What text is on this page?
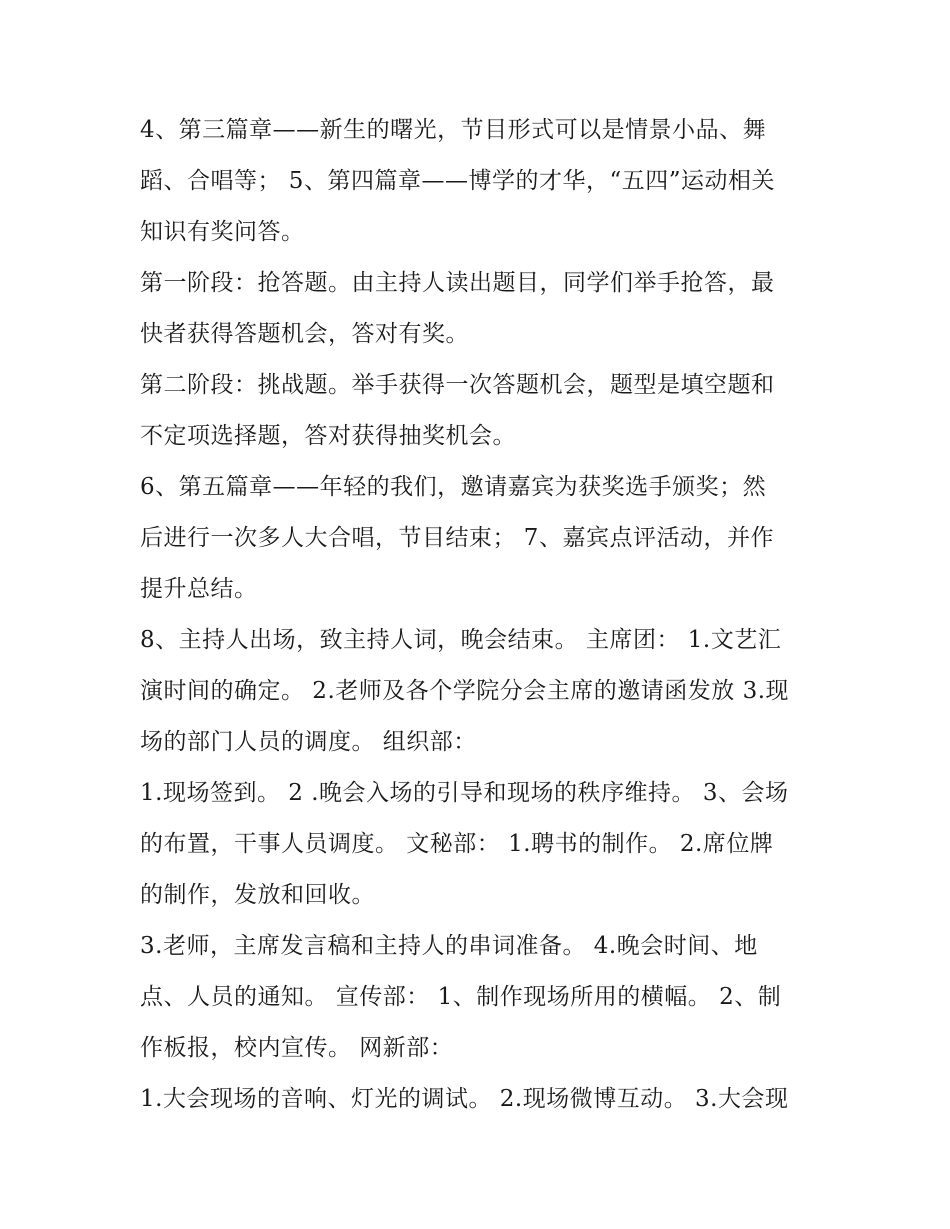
4、第三篇章——新生的曙光，节目形式可以是情景小品、舞
蹈、合唱等； 5、第四篇章——博学的才华，“五四”运动相关
知识有奖问答。
第一阶段：抢答题。由主持人读出题目，同学们举手抢答，最
快者获得答题机会，答对有奖。
第二阶段：挑战题。举手获得一次答题机会，题型是填空题和
不定项选择题，答对获得抽奖机会。
6、第五篇章——年轻的我们，邀请嘉宾为获奖选手颁奖；然
后进行一次多人大合唱，节目结束； 7、嘉宾点评活动，并作
提升总结。
8、主持人出场，致主持人词，晚会结束。 主席团： 1.文艺汇
演时间的确定。 2.老师及各个学院分会主席的邀请函发放 3.现
场的部门人员的调度。 组织部：
1.现场签到。 2 .晚会入场的引导和现场的秩序维持。 3、会场
的布置，干事人员调度。 文秘部： 1.聘书的制作。 2.席位牌
的制作，发放和回收。
3.老师，主席发言稿和主持人的串词准备。 4.晚会时间、地
点、人员的通知。 宣传部： 1、制作现场所用的横幅。 2、制
作板报，校内宣传。 网新部：
1.大会现场的音响、灯光的调试。 2.现场微博互动。 3.大会现
